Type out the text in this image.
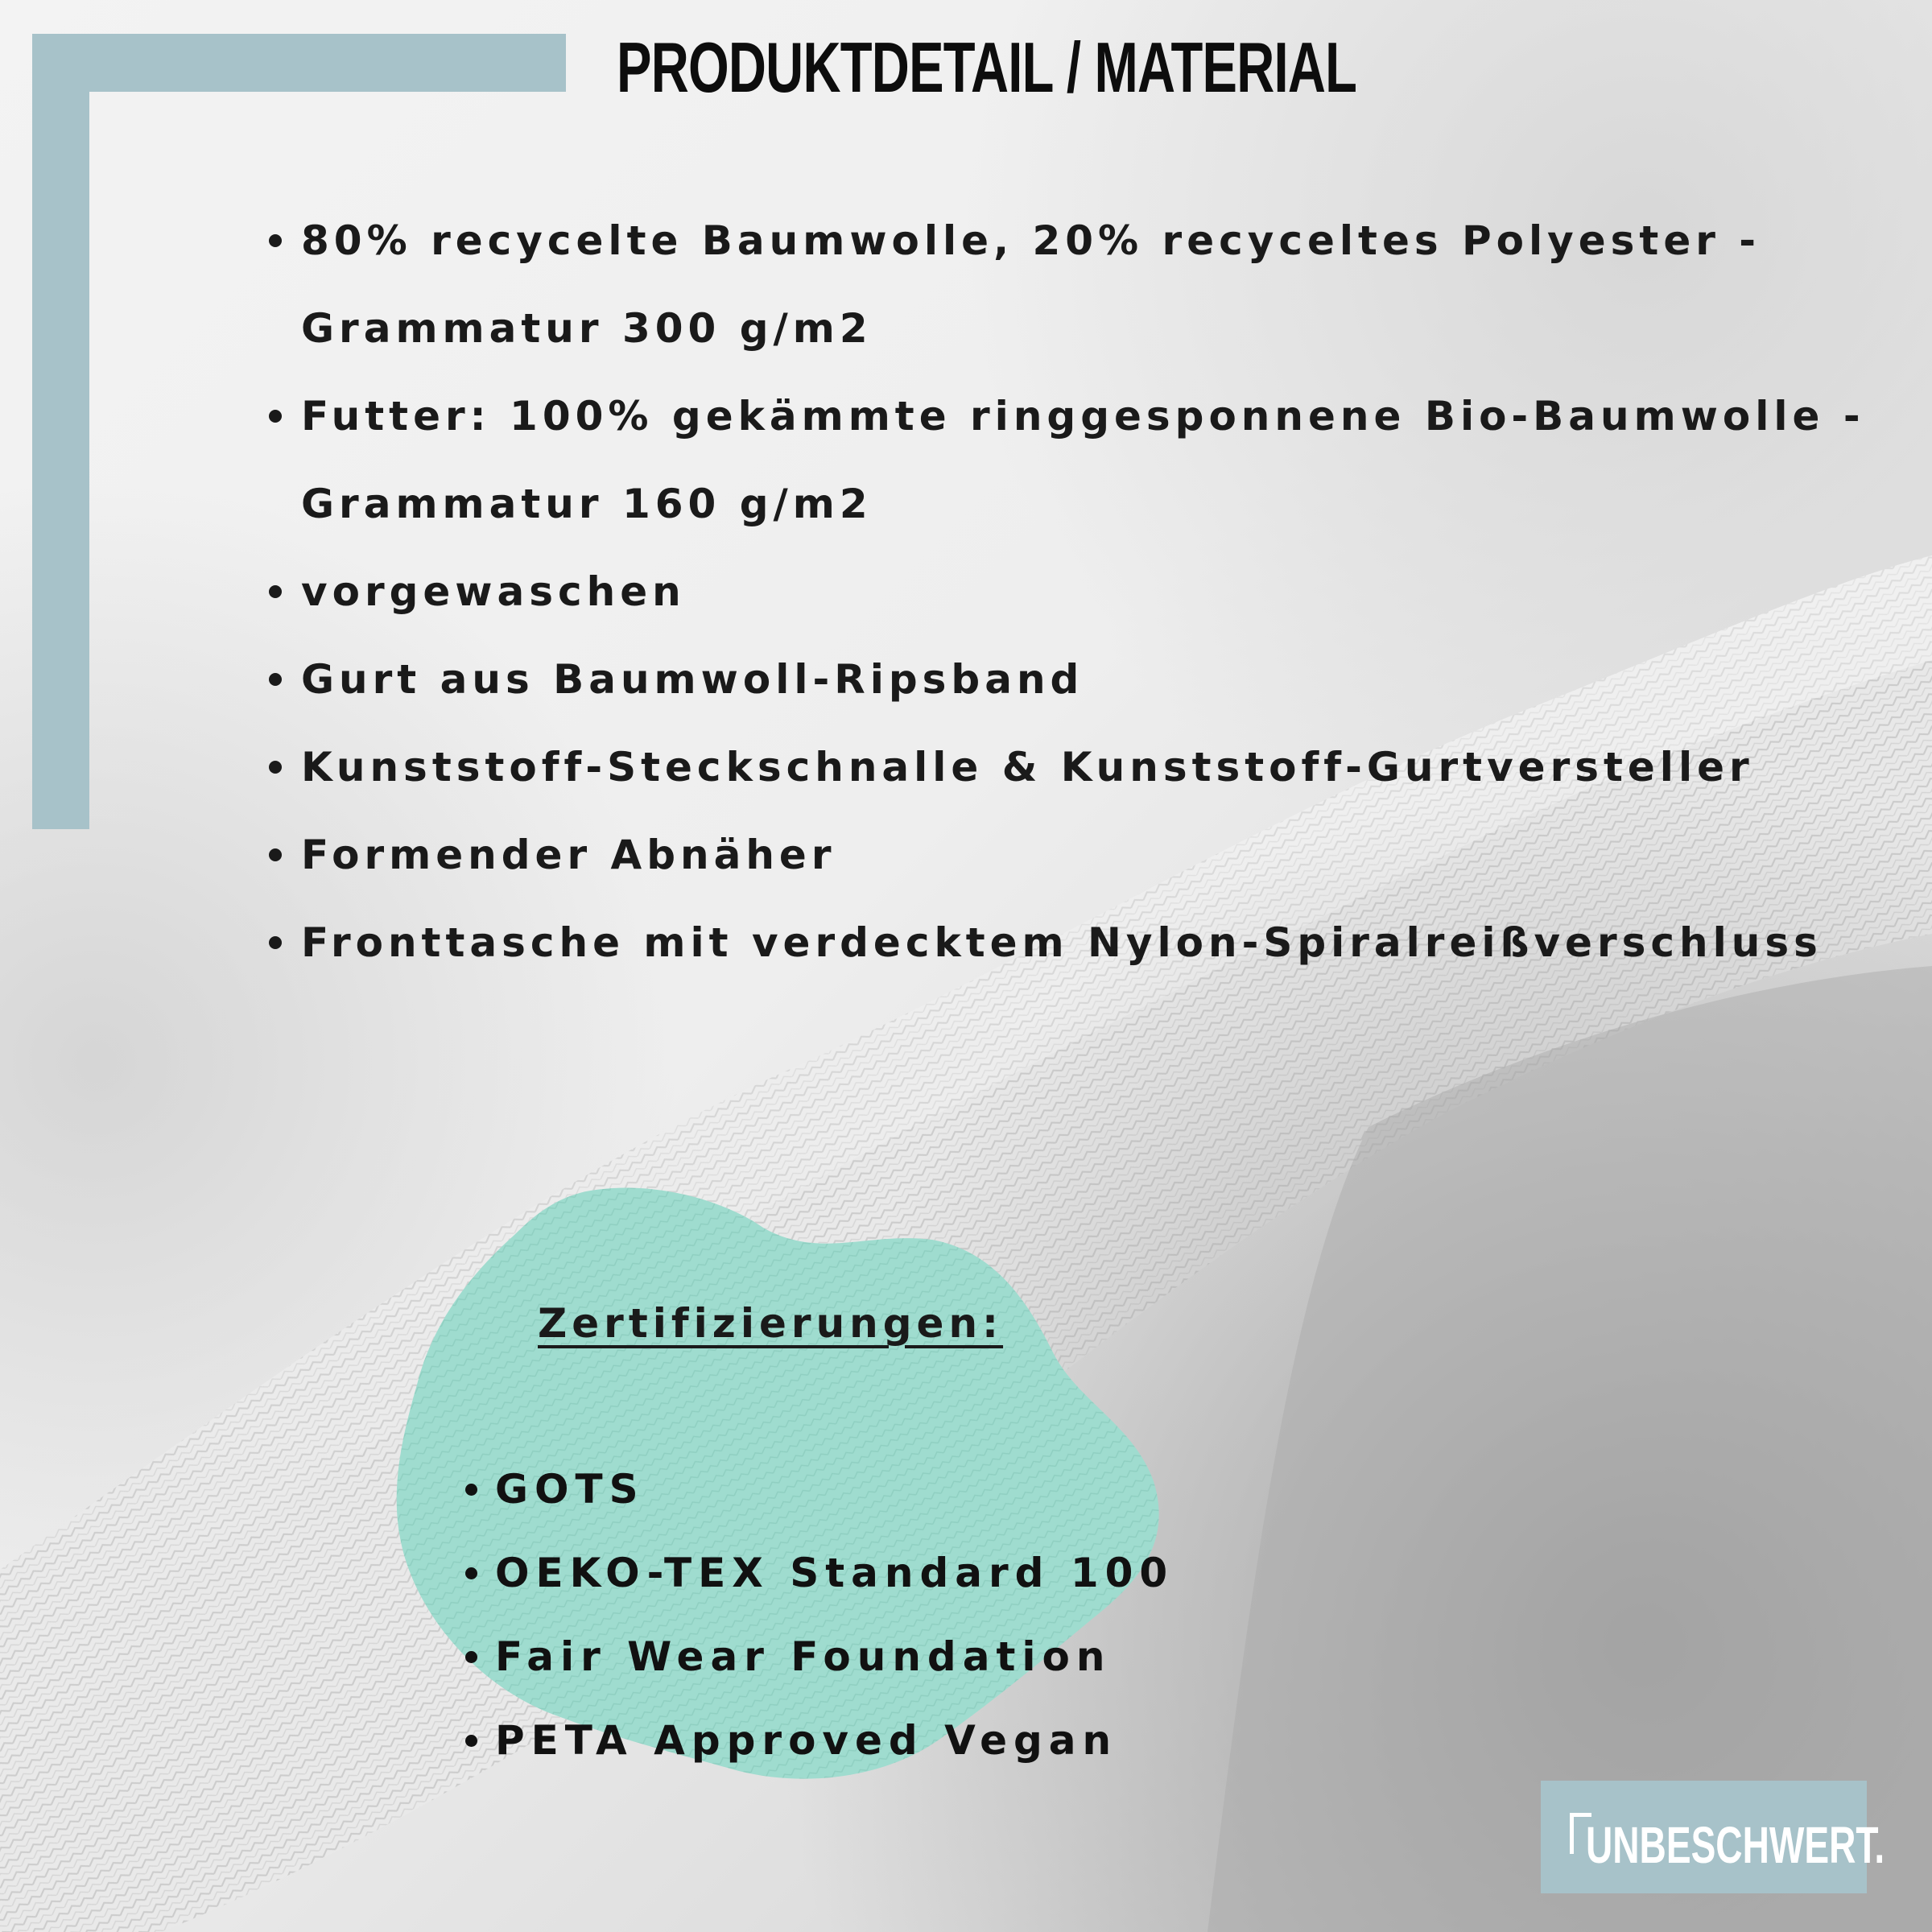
PRODUKTDETAIL / MATERIAL
80% recycelte Baumwolle, 20% recyceltes Polyester -
Grammatur 300 g/m2
Futter: 100% gekämmte ringgesponnene Bio-Baumwolle -
Grammatur 160 g/m2
vorgewaschen
Gurt aus Baumwoll-Ripsband
Kunststoff-Steckschnalle & Kunststoff-Gurtversteller
Formender Abnäher
Fronttasche mit verdecktem Nylon-Spiralreißverschluss
Zertifizierungen:
GOTS
OEKO-TEX Standard 100
Fair Wear Foundation
PETA Approved Vegan
UNBESCHWERT.
